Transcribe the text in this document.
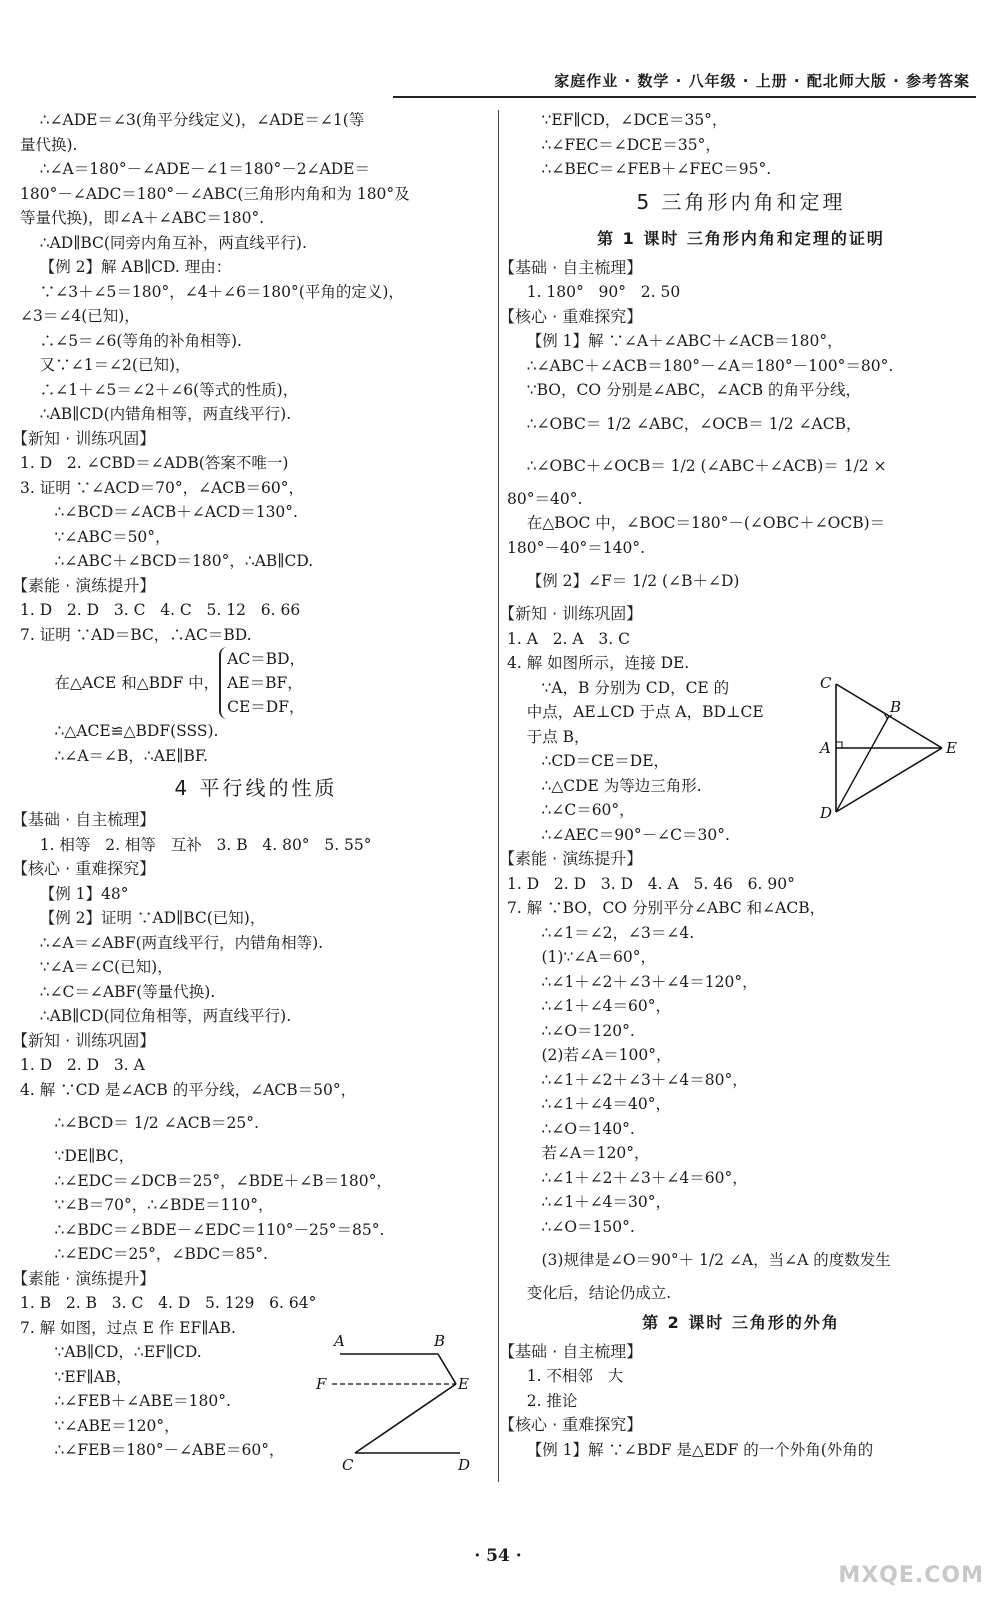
家庭作业 · 数学 · 八年级 · 上册 · 配北师大版 · 参考答案
∴∠ADE＝∠3(角平分线定义)，∠ADE＝∠1(等
量代换).
∴∠A＝180°－∠ADE－∠1＝180°－2∠ADE＝
180°－∠ADC＝180°－∠ABC(三角形内角和为 180°及
等量代换)，即∠A＋∠ABC＝180°.
∴AD∥BC(同旁内角互补，两直线平行).
【例 2】解 AB∥CD. 理由：
∵∠3＋∠5＝180°，∠4＋∠6＝180°(平角的定义)，
∠3＝∠4(已知)，
∴∠5＝∠6(等角的补角相等).
又∵∠1＝∠2(已知)，
∴∠1＋∠5＝∠2＋∠6(等式的性质)，
∴AB∥CD(内错角相等，两直线平行).
【新知 · 训练巩固】
1. D   2. ∠CBD＝∠ADB(答案不唯一)
3. 证明 ∵∠ACD＝70°，∠ACB＝60°，
∴∠BCD＝∠ACB＋∠ACD＝130°.
∵∠ABC＝50°，
∴∠ABC＋∠BCD＝180°，∴AB∥CD.
【素能 · 演练提升】
1. D   2. D   3. C   4. C   5. 12   6. 66
7. 证明 ∵AD＝BC，∴AC＝BD.
在△ACE 和△BDF 中，
AC＝BD，
AE＝BF，
CE＝DF，
∴△ACE≌△BDF(SSS).
∴∠A＝∠B，∴AE∥BF.
4 平行线的性质
【基础 · 自主梳理】
1. 相等   2. 相等   互补   3. B   4. 80°   5. 55°
【核心 · 重难探究】
【例 1】48°
【例 2】证明 ∵AD∥BC(已知)，
∴∠A＝∠ABF(两直线平行，内错角相等).
∵∠A＝∠C(已知)，
∴∠C＝∠ABF(等量代换).
∴AB∥CD(同位角相等，两直线平行).
【新知 · 训练巩固】
1. D   2. D   3. A
4. 解 ∵CD 是∠ACB 的平分线，∠ACB＝50°，
∴∠BCD＝ 1/2 ∠ACB＝25°.
∵DE∥BC，
∴∠EDC＝∠DCB＝25°，∠BDE＋∠B＝180°，
∵∠B＝70°，∴∠BDE＝110°，
∴∠BDC＝∠BDE－∠EDC＝110°－25°＝85°.
∴∠EDC＝25°，∠BDC＝85°.
【素能 · 演练提升】
1. B   2. B   3. C   4. D   5. 129   6. 64°
7. 解 如图，过点 E 作 EF∥AB.
∵AB∥CD，∴EF∥CD.
∵EF∥AB，
∴∠FEB＋∠ABE＝180°.
∵∠ABE＝120°，
∴∠FEB＝180°－∠ABE＝60°，
∵EF∥CD，∠DCE＝35°，
∴∠FEC＝∠DCE＝35°，
∴∠BEC＝∠FEB＋∠FEC＝95°.
5 三角形内角和定理
第 1 课时 三角形内角和定理的证明
【基础 · 自主梳理】
1. 180°   90°   2. 50
【核心 · 重难探究】
【例 1】解 ∵∠A＋∠ABC＋∠ACB＝180°，
∴∠ABC＋∠ACB＝180°－∠A＝180°－100°＝80°.
∵BO，CO 分别是∠ABC，∠ACB 的角平分线，
∴∠OBC＝ 1/2 ∠ABC，∠OCB＝ 1/2 ∠ACB，
∴∠OBC＋∠OCB＝ 1/2 (∠ABC＋∠ACB)＝ 1/2 ×
80°＝40°.
在△BOC 中，∠BOC＝180°－(∠OBC＋∠OCB)＝
180°－40°＝140°.
【例 2】∠F＝ 1/2 (∠B＋∠D)
【新知 · 训练巩固】
1. A   2. A   3. C
4. 解 如图所示，连接 DE.
∵A，B 分别为 CD，CE 的
中点，AE⊥CD 于点 A，BD⊥CE
于点 B，
∴CD＝CE＝DE，
∴△CDE 为等边三角形.
∴∠C＝60°，
∴∠AEC＝90°－∠C＝30°.
【素能 · 演练提升】
1. D   2. D   3. D   4. A   5. 46   6. 90°
7. 解 ∵BO，CO 分别平分∠ABC 和∠ACB，
∴∠1＝∠2，∠3＝∠4.
(1)∵∠A＝60°，
∴∠1＋∠2＋∠3＋∠4＝120°，
∴∠1＋∠4＝60°，
∴∠O＝120°.
(2)若∠A＝100°，
∴∠1＋∠2＋∠3＋∠4＝80°，
∴∠1＋∠4＝40°，
∴∠O＝140°.
若∠A＝120°，
∴∠1＋∠2＋∠3＋∠4＝60°，
∴∠1＋∠4＝30°，
∴∠O＝150°.
(3)规律是∠O＝90°＋ 1/2 ∠A，当∠A 的度数发生
变化后，结论仍成立.
第 2 课时 三角形的外角
【基础 · 自主梳理】
1. 不相邻   大
2. 推论
【核心 · 重难探究】
【例 1】解 ∵∠BDF 是△EDF 的一个外角(外角的
A	B
F	E
C	D
C
B
A	E
D
· 54 ·
MXQE.COM
